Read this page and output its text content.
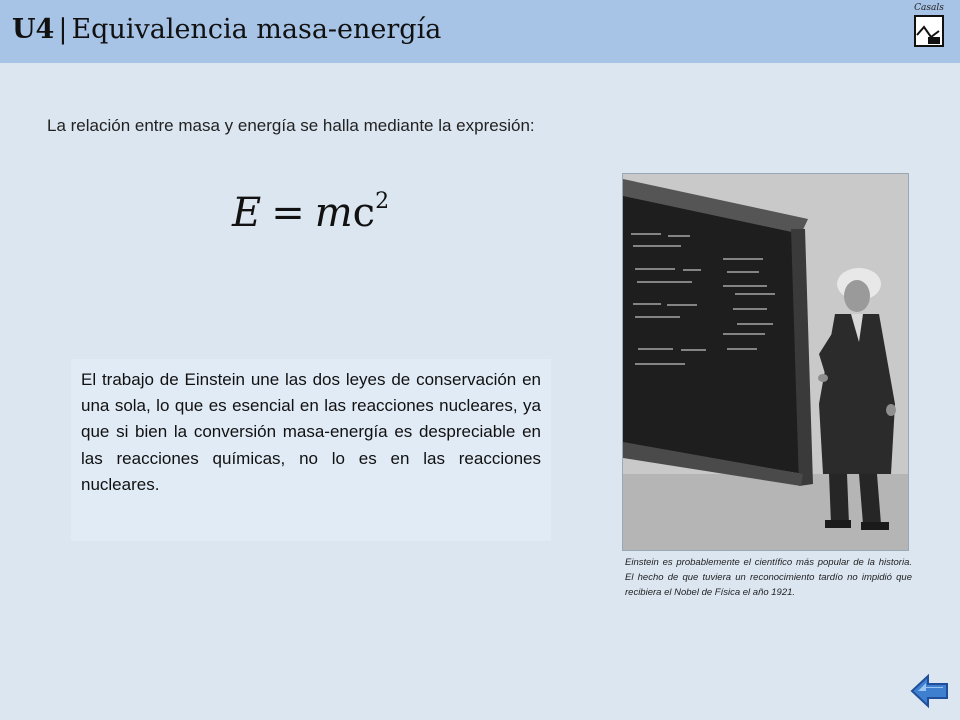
U4 | Equivalencia masa-energía
Casals
La relación entre masa y energía se halla mediante la expresión:
$E = mc^2$

El trabajo de Einstein une las dos leyes de conservación en una sola, lo que es esencial en las reacciones nucleares, ya que si bien la conversión masa-energía es despreciable en las reacciones químicas, no lo es en las reacciones nucleares.

Einstein es probablemente el científico más popular de la historia. El hecho de que tuviera un reconocimiento tardío no impidió que recibiera el Nobel de Física el año 1921.
